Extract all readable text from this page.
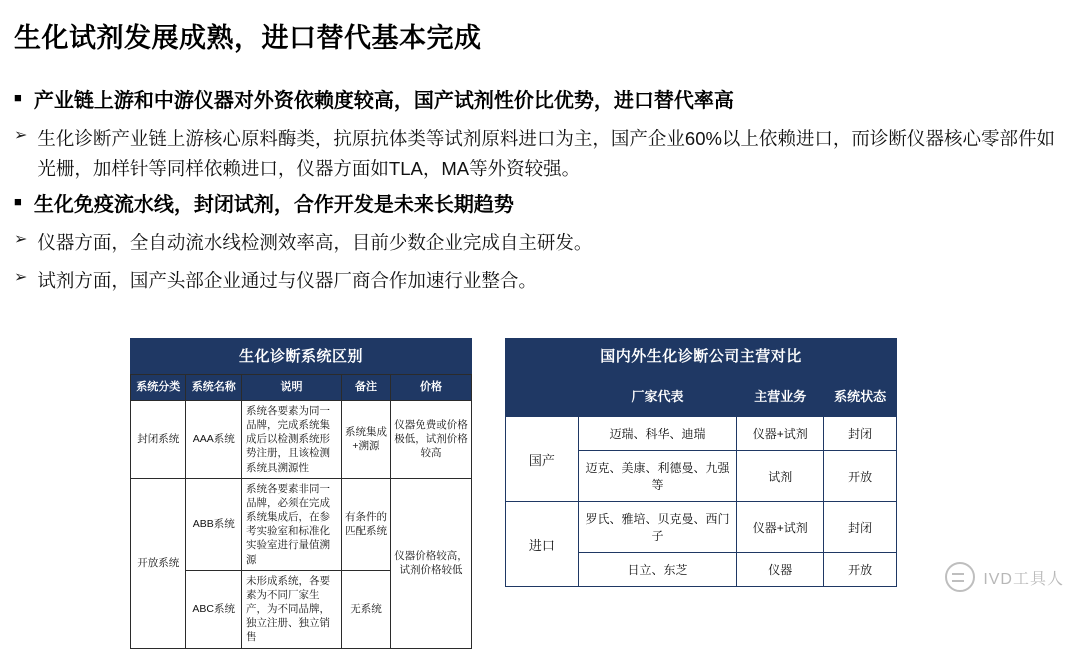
生化试剂发展成熟，进口替代基本完成
■ 产业链上游和中游仪器对外资依赖度较高，国产试剂性价比优势，进口替代率高
➢ 生化诊断产业链上游核心原料酶类，抗原抗体类等试剂原料进口为主，国产企业60%以上依赖进口，而诊断仪器核心零部件如光栅，加样针等同样依赖进口，仪器方面如TLA，MA等外资较强。
■ 生化免疫流水线，封闭试剂，合作开发是未来长期趋势
➢ 仪器方面，全自动流水线检测效率高，目前少数企业完成自主研发。
➢ 试剂方面，国产头部企业通过与仪器厂商合作加速行业整合。
生化诊断系统区别
系统分类	系统名称	说明	备注	价格
封闭系统	AAA系统	系统各要素为同一品牌，完成系统集成后以检测系统形势注册，且该检测系统具溯源性	系统集成+溯源	仪器免费或价格极低，试剂价格较高
开放系统	ABB系统	系统各要素非同一品牌，必须在完成系统集成后，在参考实验室和标准化实验室进行量值溯源	有条件的匹配系统	仪器价格较高，试剂价格较低
	ABC系统	未形成系统，各要素为不同厂家生产，为不同品牌，独立注册、独立销售	无系统	
国内外生化诊断公司主营对比
	厂家代表	主营业务	系统状态
国产	迈瑞、科华、迪瑞	仪器+试剂	封闭
	迈克、美康、利德曼、九强等	试剂	开放
进口	罗氏、雅培、贝克曼、西门子	仪器+试剂	封闭
	日立、东芝	仪器	开放
IVD工具人
